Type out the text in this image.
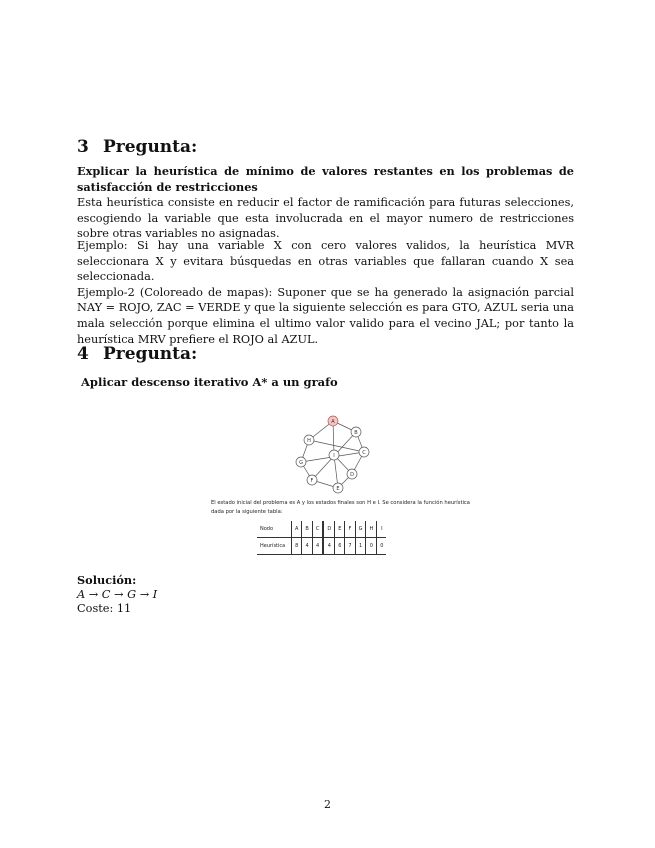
3 Pregunta:

Explicar la heurística de mínimo de valores restantes en los problemas de satisfacción de restricciones

Esta heurística consiste en reducir el factor de ramificación para futuras selecciones, escogiendo la variable que esta involucrada en el mayor numero de restricciones sobre otras variables no asignadas.

Ejemplo: Si hay una variable X con cero valores validos, la heurística MVR seleccionara X y evitara búsquedas en otras variables que fallaran cuando X sea seleccionada.

Ejemplo-2 (Coloreado de mapas): Suponer que se ha generado la asignación parcial NAY = ROJO, ZAC = VERDE y que la siguiente selección es para GTO, AZUL seria una mala selección porque elimina el ultimo valor valido para el vecino JAL; por tanto la heurística MRV prefiere el ROJO al AZUL.

4 Pregunta:

Aplicar descenso iterativo A* a un grafo

A
B
C
D
E
F
G
H
I
El estado inicial del problema es A y los estados finales son H e I. Se considera la función heurística dada por la siguiente tabla:
Nodo	A	B	C	D	E	F	G	H	I
Heurística	8	4	4	4	6	7	1	0	0
Solución:
A → C → G → I
Coste: 11
2
